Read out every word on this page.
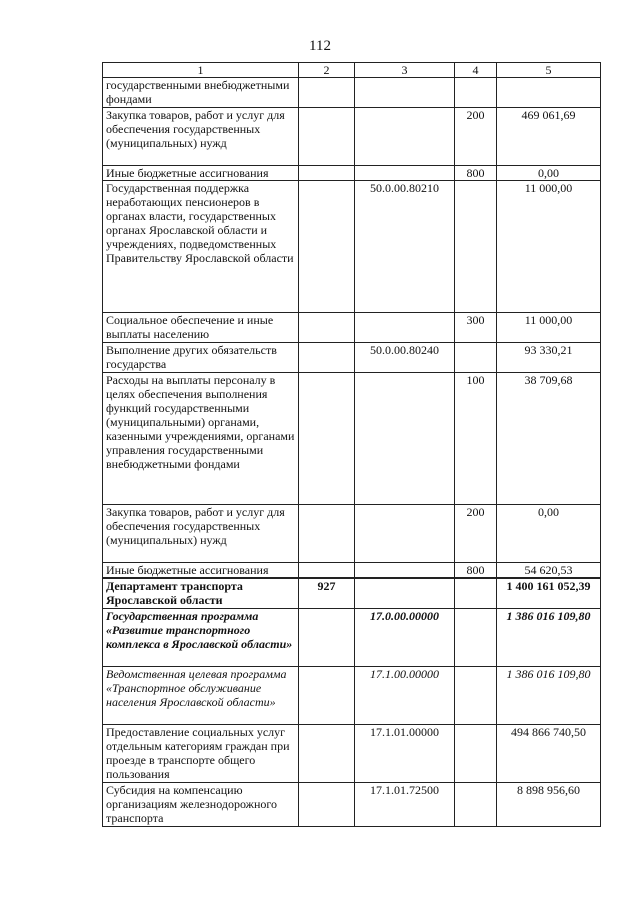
112
1	2	3	4	5
государственными внебюджетными фондами				
Закупка товаров, работ и услуг для обеспечения государственных (муниципальных) нужд			200	469 061,69
Иные бюджетные ассигнования			800	0,00
Государственная поддержка неработающих пенсионеров в органах власти, государственных органах Ярославской области и учреждениях, подведомственных Правительству Ярославской области		50.0.00.80210		11 000,00
Социальное обеспечение и иные выплаты населению			300	11 000,00
Выполнение других обязательств государства		50.0.00.80240		93 330,21
Расходы на выплаты персоналу в целях обеспечения выполнения функций государственными (муниципальными) органами, казенными учреждениями, органами управления государственными внебюджетными фондами			100	38 709,68
Закупка товаров, работ и услуг для обеспечения государственных (муниципальных) нужд			200	0,00
Иные бюджетные ассигнования			800	54 620,53
Департамент транспорта Ярославской области	927			1 400 161 052,39
Государственная программа «Развитие транспортного комплекса в Ярославской области»		17.0.00.00000		1 386 016 109,80
Ведомственная целевая программа «Транспортное обслуживание населения Ярославской области»		17.1.00.00000		1 386 016 109,80
Предоставление социальных услуг отдельным категориям граждан при проезде в транспорте общего пользования		17.1.01.00000		494 866 740,50
Субсидия на компенсацию организациям железнодорожного транспорта		17.1.01.72500		8 898 956,60
